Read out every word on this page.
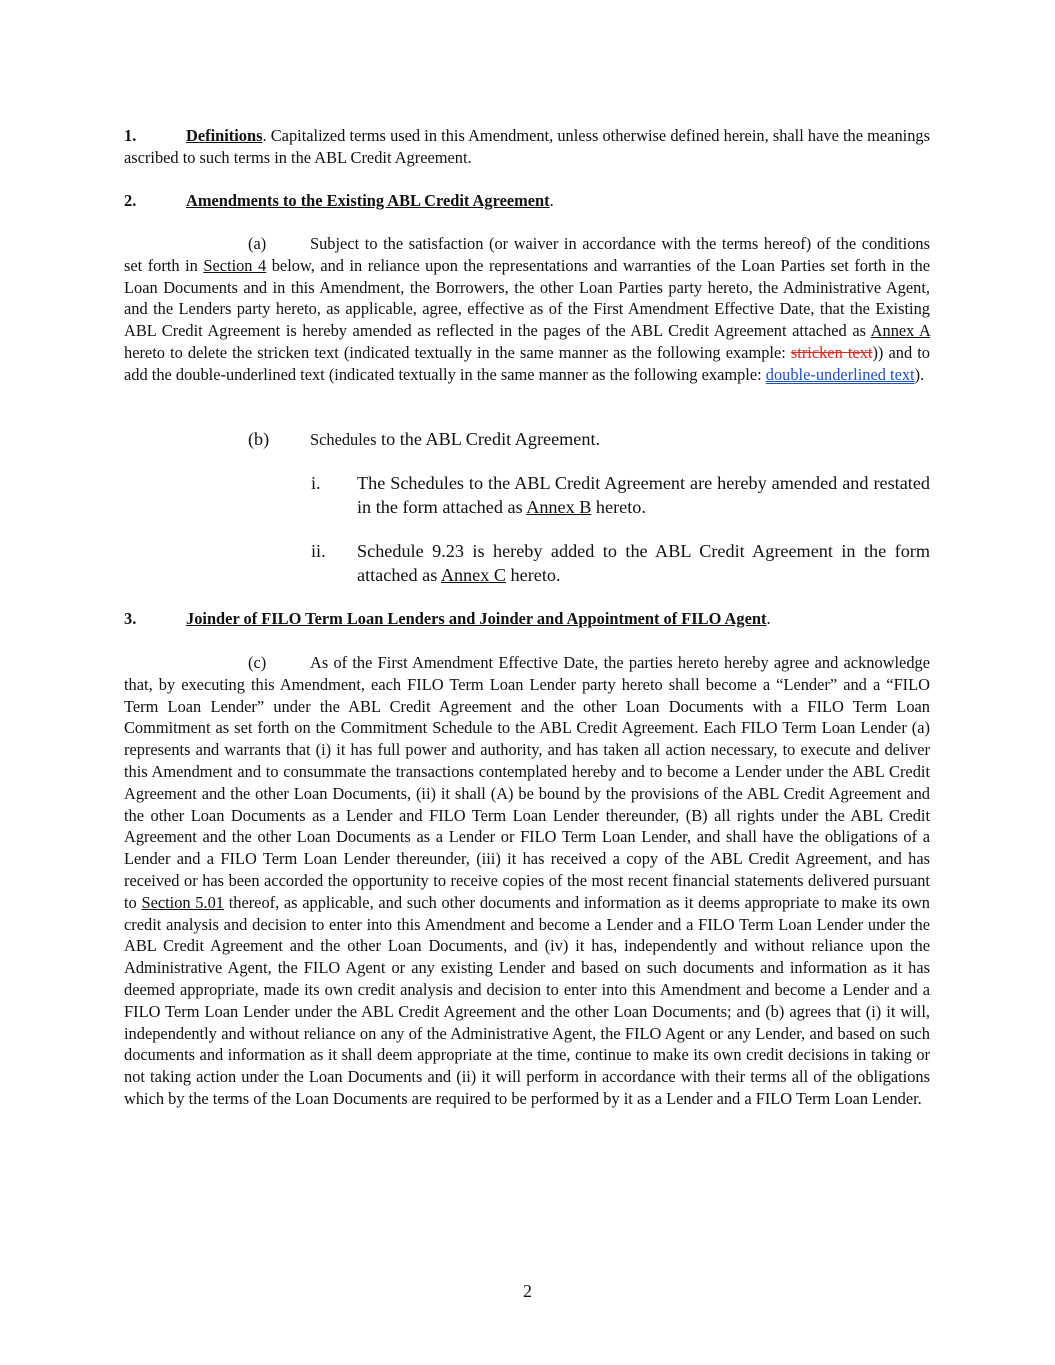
1.	Definitions. Capitalized terms used in this Amendment, unless otherwise defined herein, shall have the meanings ascribed to such terms in the ABL Credit Agreement.
2.	Amendments to the Existing ABL Credit Agreement.
(a)	Subject to the satisfaction (or waiver in accordance with the terms hereof) of the conditions set forth in Section 4 below, and in reliance upon the representations and warranties of the Loan Parties set forth in the Loan Documents and in this Amendment, the Borrowers, the other Loan Parties party hereto, the Administrative Agent, and the Lenders party hereto, as applicable, agree, effective as of the First Amendment Effective Date, that the Existing ABL Credit Agreement is hereby amended as reflected in the pages of the ABL Credit Agreement attached as Annex A hereto to delete the stricken text (indicated textually in the same manner as the following example: stricken text)) and to add the double-underlined text (indicated textually in the same manner as the following example: double-underlined text).
(b) Schedules to the ABL Credit Agreement.
i.	The Schedules to the ABL Credit Agreement are hereby amended and restated in the form attached as Annex B hereto.
ii.	Schedule 9.23 is hereby added to the ABL Credit Agreement in the form attached as Annex C hereto.
3.	Joinder of FILO Term Loan Lenders and Joinder and Appointment of FILO Agent.
(c)	As of the First Amendment Effective Date, the parties hereto hereby agree and acknowledge that, by executing this Amendment, each FILO Term Loan Lender party hereto shall become a “Lender” and a “FILO Term Loan Lender” under the ABL Credit Agreement and the other Loan Documents with a FILO Term Loan Commitment as set forth on the Commitment Schedule to the ABL Credit Agreement. Each FILO Term Loan Lender (a) represents and warrants that (i) it has full power and authority, and has taken all action necessary, to execute and deliver this Amendment and to consummate the transactions contemplated hereby and to become a Lender under the ABL Credit Agreement and the other Loan Documents, (ii) it shall (A) be bound by the provisions of the ABL Credit Agreement and the other Loan Documents as a Lender and FILO Term Loan Lender thereunder, (B) all rights under the ABL Credit Agreement and the other Loan Documents as a Lender or FILO Term Loan Lender, and shall have the obligations of a Lender and a FILO Term Loan Lender thereunder, (iii) it has received a copy of the ABL Credit Agreement, and has received or has been accorded the opportunity to receive copies of the most recent financial statements delivered pursuant to Section 5.01 thereof, as applicable, and such other documents and information as it deems appropriate to make its own credit analysis and decision to enter into this Amendment and become a Lender and a FILO Term Loan Lender under the ABL Credit Agreement and the other Loan Documents, and (iv) it has, independently and without reliance upon the Administrative Agent, the FILO Agent or any existing Lender and based on such documents and information as it has deemed appropriate, made its own credit analysis and decision to enter into this Amendment and become a Lender and a FILO Term Loan Lender under the ABL Credit Agreement and the other Loan Documents; and (b) agrees that (i) it will, independently and without reliance on any of the Administrative Agent, the FILO Agent or any Lender, and based on such documents and information as it shall deem appropriate at the time, continue to make its own credit decisions in taking or not taking action under the Loan Documents and (ii) it will perform in accordance with their terms all of the obligations which by the terms of the Loan Documents are required to be performed by it as a Lender and a FILO Term Loan Lender.
2
